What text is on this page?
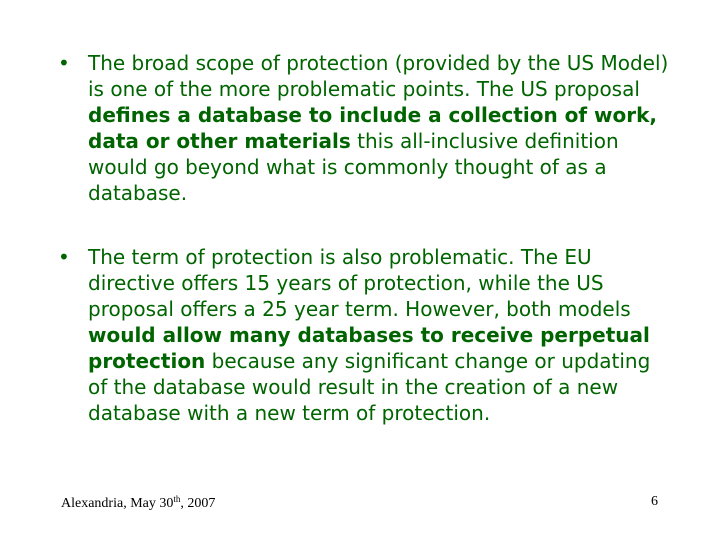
• The broad scope of protection (provided by the US Model) is one of the more problematic points. The US proposal defines a database to include a collection of work, data or other materials this all-inclusive definition would go beyond what is commonly thought of as a database.
• The term of protection is also problematic. The EU directive offers 15 years of protection, while the US proposal offers a 25 year term. However, both models would allow many databases to receive perpetual protection because any significant change or updating of the database would result in the creation of a new database with a new term of protection.
Alexandria, May 30th, 2007	6
